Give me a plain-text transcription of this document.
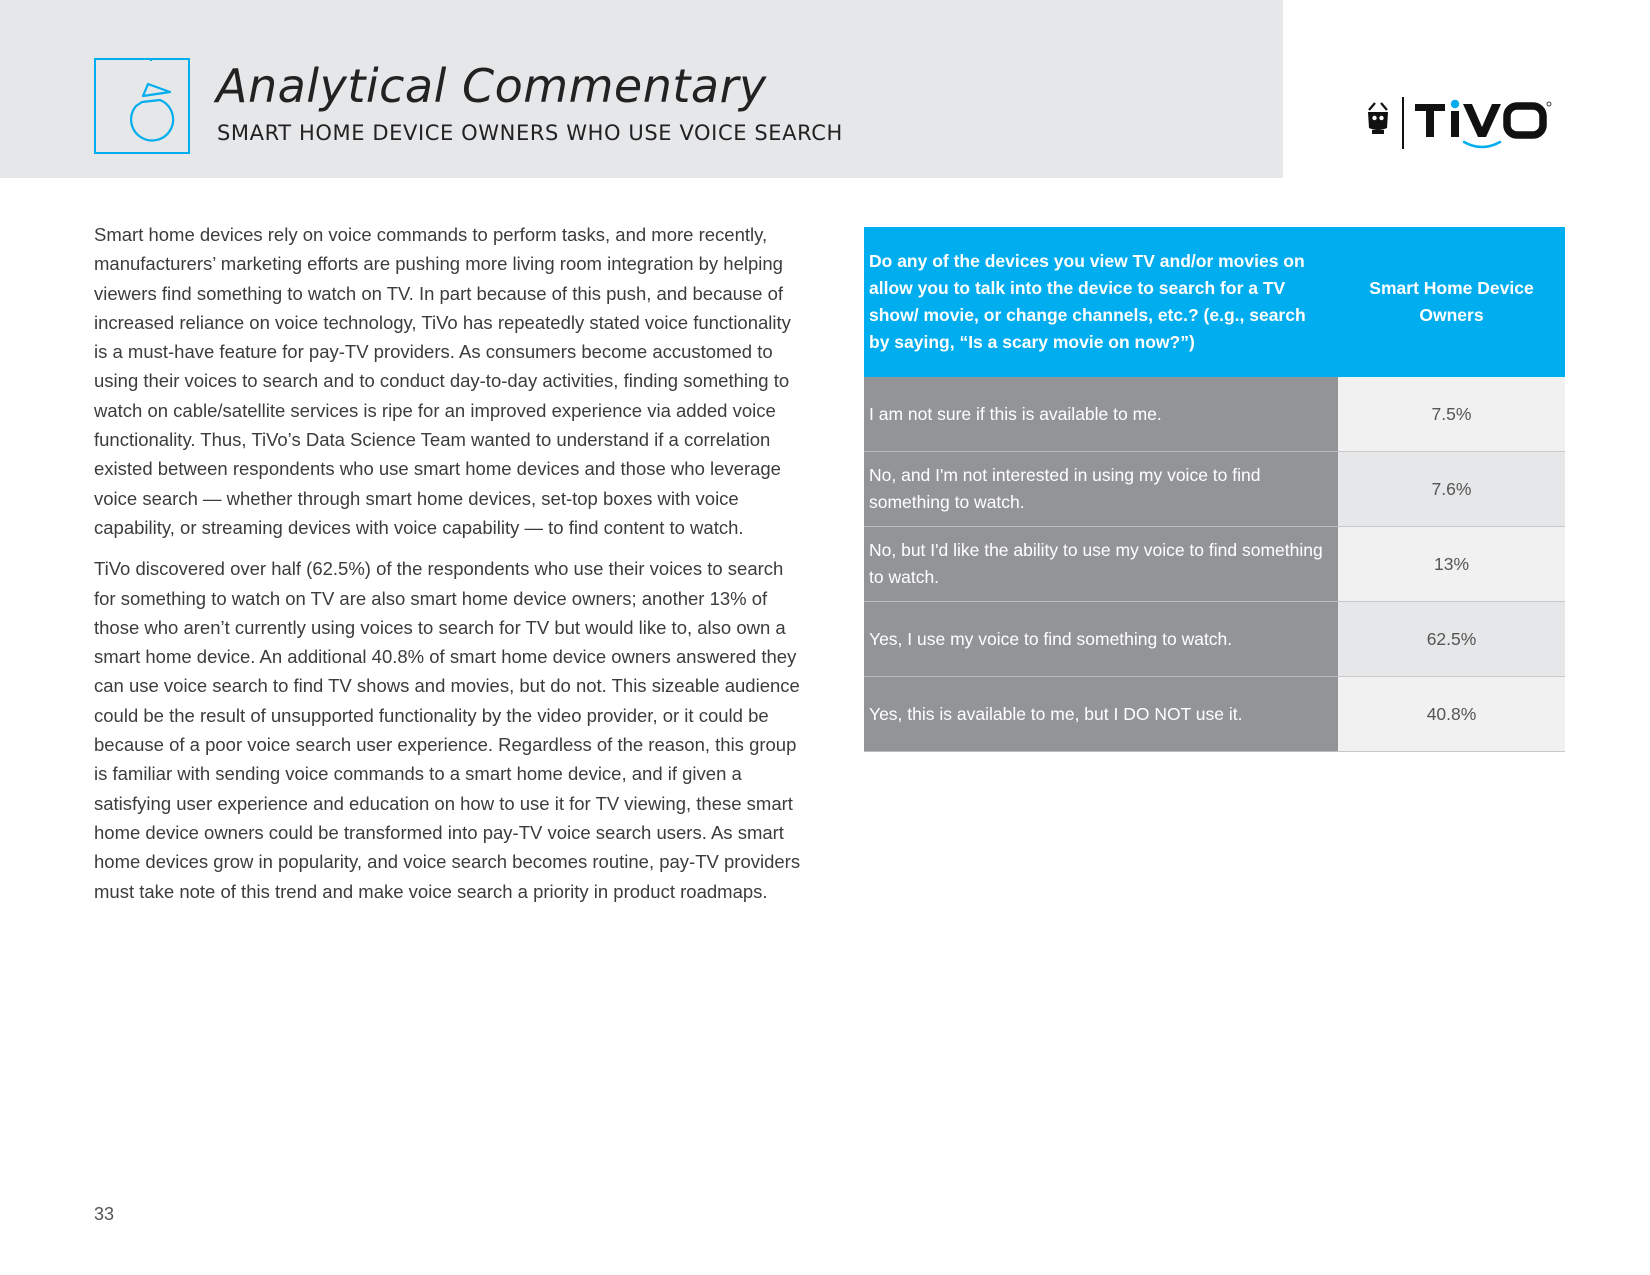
Analytical Commentary
SMART HOME DEVICE OWNERS WHO USE VOICE SEARCH

Smart home devices rely on voice commands to perform tasks, and more recently, manufacturers’ marketing efforts are pushing more living room integration by helping viewers find something to watch on TV. In part because of this push, and because of increased reliance on voice technology, TiVo has repeatedly stated voice functionality is a must-have feature for pay-TV providers. As consumers become accustomed to using their voices to search and to conduct day-to-day activities, finding something to watch on cable/satellite services is ripe for an improved experience via added voice functionality. Thus, TiVo’s Data Science Team wanted to understand if a correlation existed between respondents who use smart home devices and those who leverage voice search — whether through smart home devices, set-top boxes with voice capability, or streaming devices with voice capability — to find content to watch.

TiVo discovered over half (62.5%) of the respondents who use their voices to search for something to watch on TV are also smart home device owners; another 13% of those who aren’t currently using voices to search for TV but would like to, also own a smart home device. An additional 40.8% of smart home device owners answered they can use voice search to find TV shows and movies, but do not. This sizeable audience could be the result of unsupported functionality by the video provider, or it could be because of a poor voice search user experience. Regardless of the reason, this group is familiar with sending voice commands to a smart home device, and if given a satisfying user experience and education on how to use it for TV viewing, these smart home device owners could be transformed into pay-TV voice search users. As smart home devices grow in popularity, and voice search becomes routine, pay-TV providers must take note of this trend and make voice search a priority in product roadmaps.

Do any of the devices you view TV and/or movies on allow you to talk into the device to search for a TV show/ movie, or change channels, etc.? (e.g., search by saying, “Is a scary movie on now?”)	Smart Home Device Owners
I am not sure if this is available to me.	7.5%
No, and I'm not interested in using my voice to find something to watch.	7.6%
No, but I'd like the ability to use my voice to find something to watch.	13%
Yes, I use my voice to find something to watch.	62.5%
Yes, this is available to me, but I DO NOT use it.	40.8%
33
